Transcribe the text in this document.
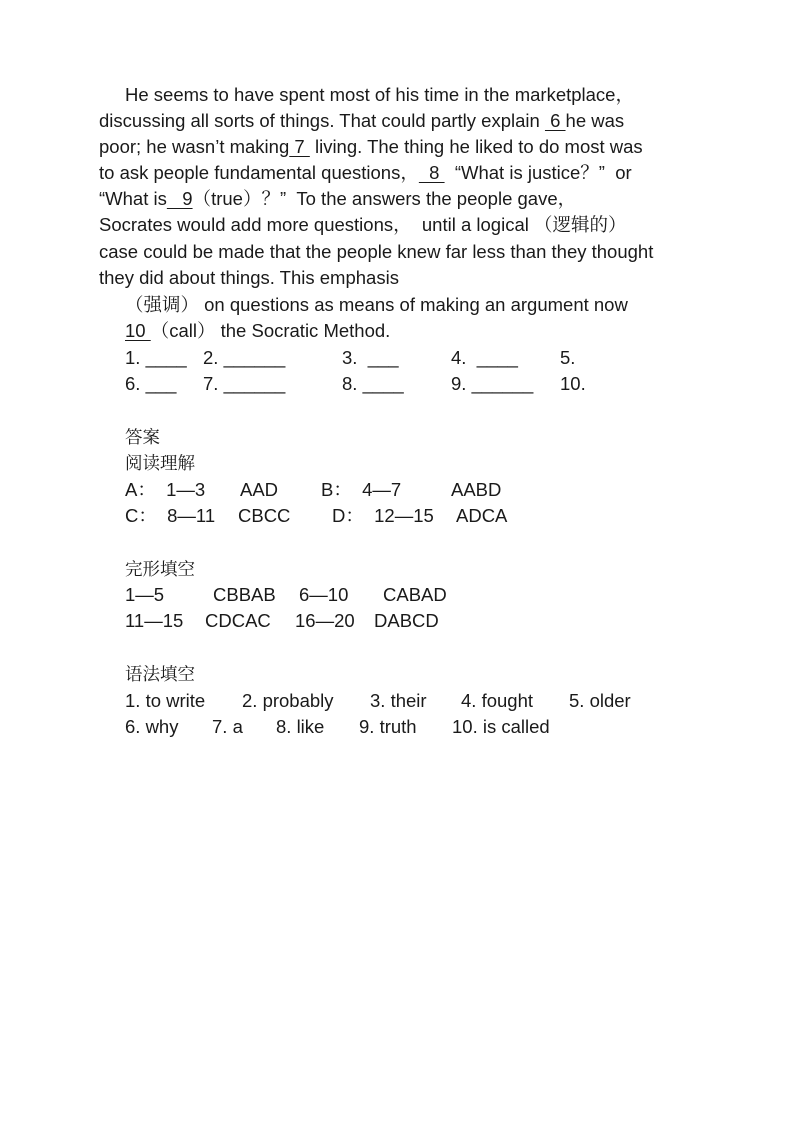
He seems to have spent most of his time in the marketplace，
discussing all sorts of things. That could partly explain  6 he was
poor; he wasn’t making 7  living. The thing he liked to do most was
to ask people fundamental questions，  8   “What is justice？”  or
“What is   9（true）？”  To the answers the people gave，
Socrates would add more questions，  until a logical （逻辑的）
case could be made that the people knew far less than they thought
they did about things. This emphasis
（强调） on questions as means of making an argument now
10 （call） the Socratic Method.
1. ____ 2. ______	3.  ___	4.  ____ 5.
6. ___ 7. ______	8. ____	9. ______ 10.
答案
阅读理解
A：  1—3 AAD B：  4—7	AABD
C：  8—11 CBCC D：  12—15 ADCA
完形填空
1—5	CBBAB 6—10 CABAD
11—15 CDCAC 16—20 DABCD
语法填空
1. to write 2. probably 3. their 4. fought 5. older
6. why 7. a 8. like 9. truth 10. is called
